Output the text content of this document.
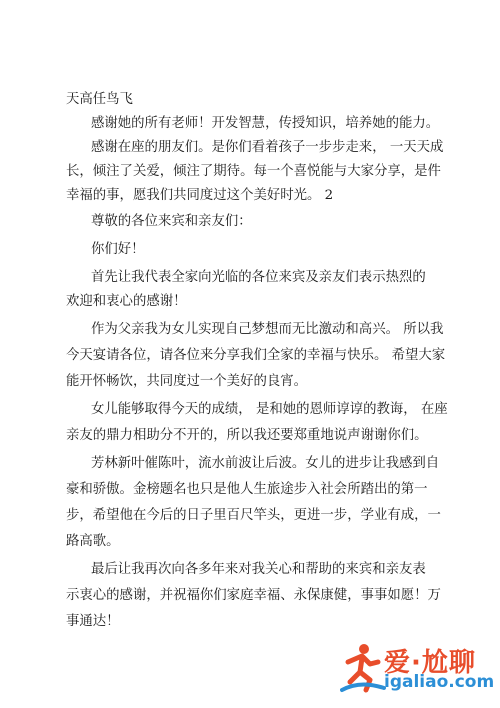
天高任鸟飞
感谢她的所有老师！开发智慧，传授知识，培养她的能力。
感谢在座的朋友们。是你们看着孩子一步步走来， 一天天成
长，倾注了关爱，倾注了期待。每一个喜悦能与大家分享，是件
幸福的事，愿我们共同度过这个美好时光。 2
尊敬的各位来宾和亲友们：
你们好！
首先让我代表全家向光临的各位来宾及亲友们表示热烈的
欢迎和衷心的感谢！
作为父亲我为女儿实现自己梦想而无比激动和高兴。 所以我
今天宴请各位，请各位来分享我们全家的幸福与快乐。 希望大家
能开怀畅饮，共同度过一个美好的良宵。
女儿能够取得今天的成绩， 是和她的恩师谆谆的教诲， 在座
亲友的鼎力相助分不开的，所以我还要郑重地说声谢谢你们。
芳林新叶催陈叶，流水前波让后波。女儿的进步让我感到自
豪和骄傲。金榜题名也只是他人生旅途步入社会所踏出的第一
步，希望他在今后的日子里百尺竿头，更进一步，学业有成，一
路高歌。
最后让我再次向各多年来对我关心和帮助的来宾和亲友表
示衷心的感谢，并祝福你们家庭幸福、永保康健，事事如愿！万
事通达！
爱·尬聊
igaliao.com
